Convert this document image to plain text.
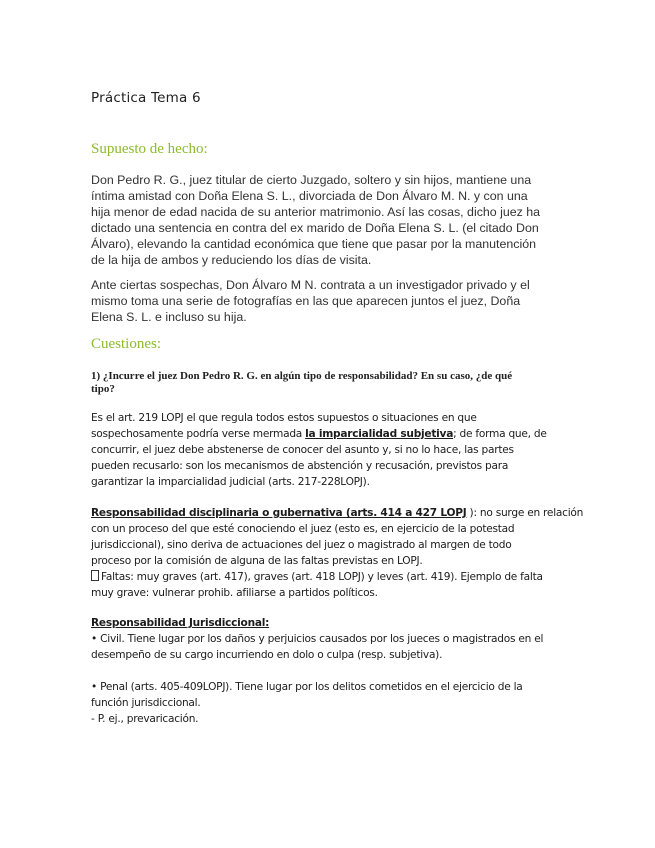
Práctica Tema 6
Supuesto de hecho:
Don Pedro R. G., juez titular de cierto Juzgado, soltero y sin hijos, mantiene una
íntima amistad con Doña Elena S. L., divorciada de Don Álvaro M. N. y con una
hija menor de edad nacida de su anterior matrimonio. Así las cosas, dicho juez ha
dictado una sentencia en contra del ex marido de Doña Elena S. L. (el citado Don
Álvaro), elevando la cantidad económica que tiene que pasar por la manutención
de la hija de ambos y reduciendo los días de visita.
Ante ciertas sospechas, Don Álvaro M N. contrata a un investigador privado y el
mismo toma una serie de fotografías en las que aparecen juntos el juez, Doña
Elena S. L. e incluso su hija.
Cuestiones:
1) ¿Incurre el juez Don Pedro R. G. en algún tipo de responsabilidad? En su caso, ¿de qué
tipo?
Es el art. 219 LOPJ el que regula todos estos supuestos o situaciones en que
sospechosamente podría verse mermada la imparcialidad subjetiva; de forma que, de
concurrir, el juez debe abstenerse de conocer del asunto y, si no lo hace, las partes
pueden recusarlo: son los mecanismos de abstención y recusación, previstos para
garantizar la imparcialidad judicial (arts. 217-228LOPJ).
Responsabilidad disciplinaria o gubernativa (arts. 414 a 427 LOPJ ): no surge en relación
con un proceso del que esté conociendo el juez (esto es, en ejercicio de la potestad
jurisdiccional), sino deriva de actuaciones del juez o magistrado al margen de todo
proceso por la comisión de alguna de las faltas previstas en LOPJ.
Faltas: muy graves (art. 417), graves (art. 418 LOPJ) y leves (art. 419). Ejemplo de falta
muy grave: vulnerar prohib. afiliarse a partidos políticos.
Responsabilidad Jurisdiccional:
• Civil. Tiene lugar por los daños y perjuicios causados por los jueces o magistrados en el
desempeño de su cargo incurriendo en dolo o culpa (resp. subjetiva).
• Penal (arts. 405-409LOPJ). Tiene lugar por los delitos cometidos en el ejercicio de la
función jurisdiccional.
- P. ej., prevaricación.
